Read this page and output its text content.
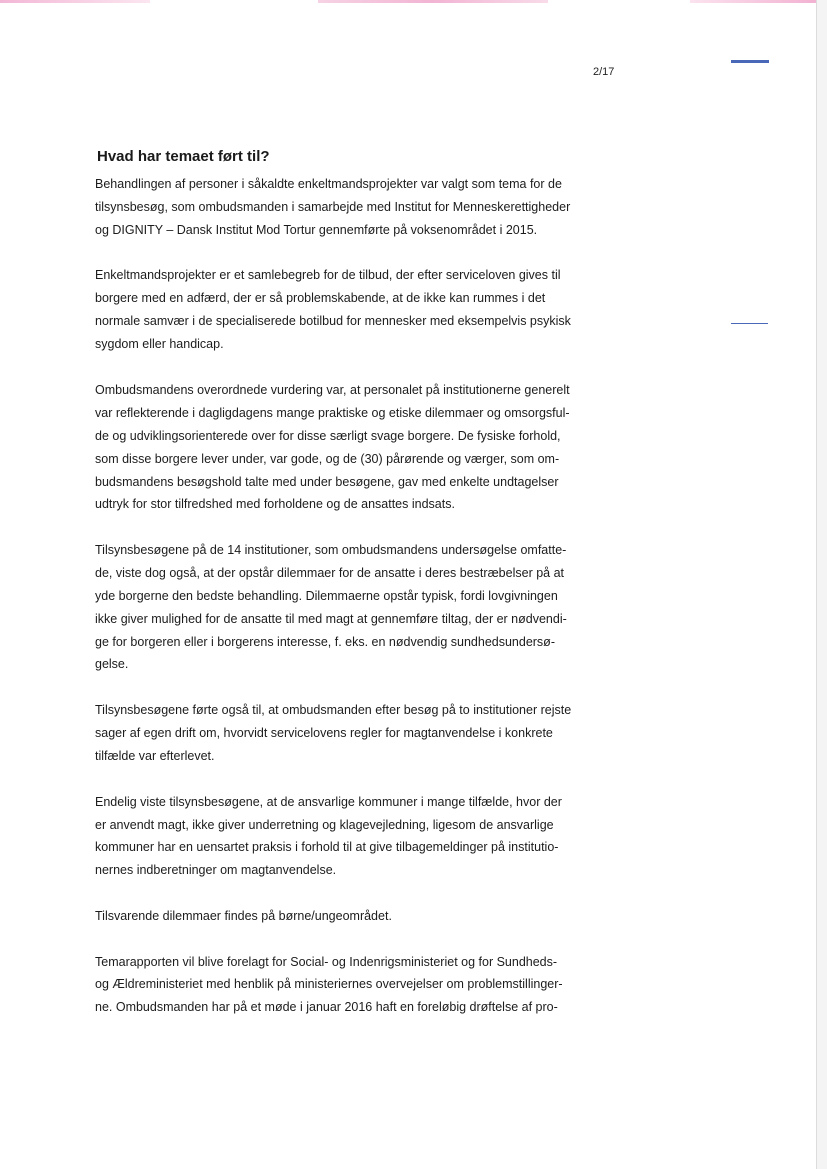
2/17
Hvad har temaet ført til?
Behandlingen af personer i såkaldte enkeltmandsprojekter var valgt som tema for de
tilsynsbesøg, som ombudsmanden i samarbejde med Institut for Menneskerettigheder
og DIGNITY – Dansk Institut Mod Tortur gennemførte på voksenområdet i 2015.
Enkeltmandsprojekter er et samlebegreb for de tilbud, der efter serviceloven gives til
borgere med en adfærd, der er så problemskabende, at de ikke kan rummes i det
normale samvær i de specialiserede botilbud for mennesker med eksempelvis psykisk
sygdom eller handicap.
Ombudsmandens overordnede vurdering var, at personalet på institutionerne generelt
var reflekterende i dagligdagens mange praktiske og etiske dilemmaer og omsorgsful-
de og udviklingsorienterede over for disse særligt svage borgere. De fysiske forhold,
som disse borgere lever under, var gode, og de (30) pårørende og værger, som om-
budsmandens besøgshold talte med under besøgene, gav med enkelte undtagelser
udtryk for stor tilfredshed med forholdene og de ansattes indsats.
Tilsynsbesøgene på de 14 institutioner, som ombudsmandens undersøgelse omfatte-
de, viste dog også, at der opstår dilemmaer for de ansatte i deres bestræbelser på at
yde borgerne den bedste behandling. Dilemmaerne opstår typisk, fordi lovgivningen
ikke giver mulighed for de ansatte til med magt at gennemføre tiltag, der er nødvendi-
ge for borgeren eller i borgerens interesse, f. eks. en nødvendig sundhedsundersø-
gelse.
Tilsynsbesøgene førte også til, at ombudsmanden efter besøg på to institutioner rejste
sager af egen drift om, hvorvidt servicelovens regler for magtanvendelse i konkrete
tilfælde var efterlevet.
Endelig viste tilsynsbesøgene, at de ansvarlige kommuner i mange tilfælde, hvor der
er anvendt magt, ikke giver underretning og klagevejledning, ligesom de ansvarlige
kommuner har en uensartet praksis i forhold til at give tilbagemeldinger på institutio-
nernes indberetninger om magtanvendelse.
Tilsvarende dilemmaer findes på børne/ungeområdet.
Temarapporten vil blive forelagt for Social- og Indenrigsministeriet og for Sundheds-
og Ældreministeriet med henblik på ministeriernes overvejelser om problemstillinger-
ne. Ombudsmanden har på et møde i januar 2016 haft en foreløbig drøftelse af pro-
